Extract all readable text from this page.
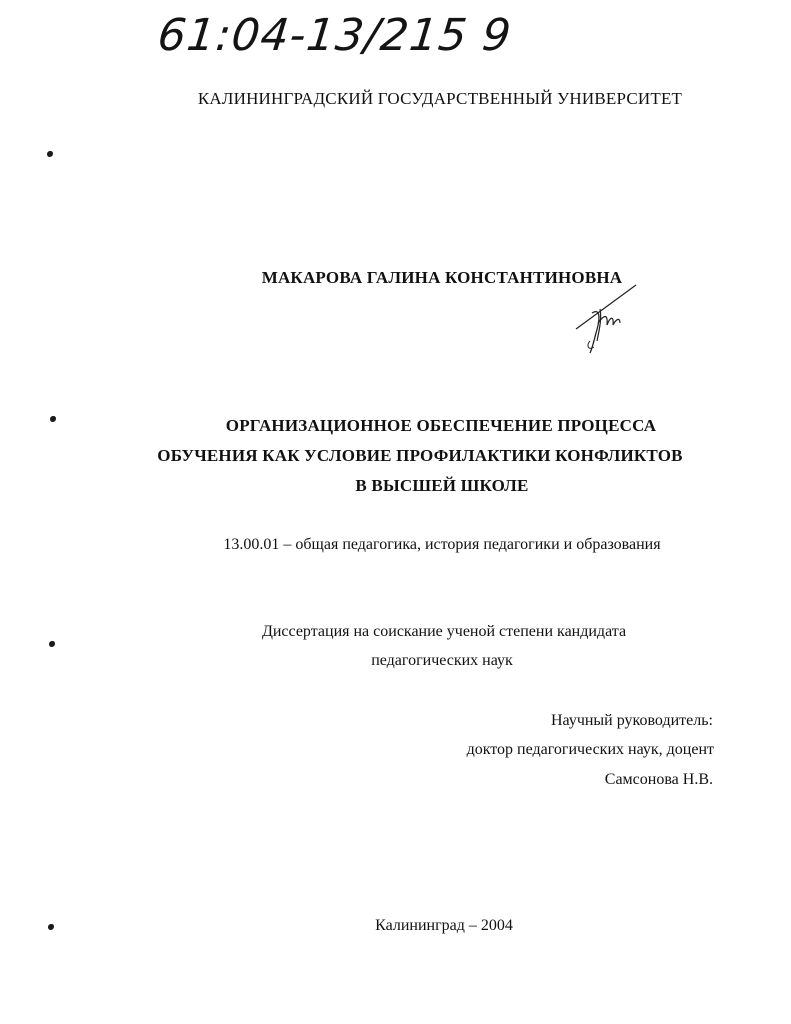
61:04-13/215 9
КАЛИНИНГРАДСКИЙ ГОСУДАРСТВЕННЫЙ УНИВЕРСИТЕТ
МАКАРОВА ГАЛИНА КОНСТАНТИНОВНА
ОРГАНИЗАЦИОННОЕ ОБЕСПЕЧЕНИЕ ПРОЦЕССА
ОБУЧЕНИЯ КАК УСЛОВИЕ ПРОФИЛАКТИКИ КОНФЛИКТОВ
В ВЫСШЕЙ ШКОЛЕ
13.00.01 – общая педагогика, история педагогики и образования
Диссертация на соискание ученой степени кандидата
педагогических наук
Научный руководитель:
доктор педагогических наук, доцент
Самсонова Н.В.
Калининград – 2004
